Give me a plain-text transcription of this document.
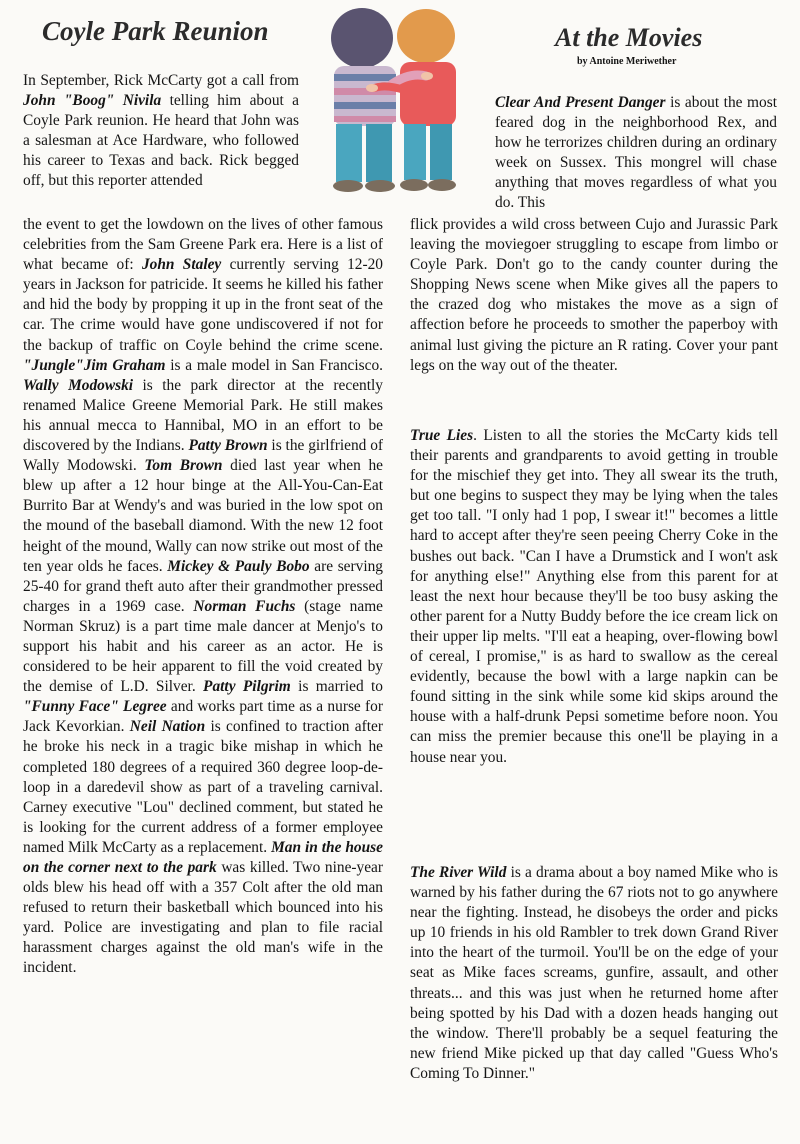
Coyle Park Reunion	At the Movies

by Antoine Meriwether

In September, Rick McCarty got a call from John "Boog" Nivila telling him about a Coyle Park reunion. He heard that John was a salesman at Ace Hardware, who followed his career to Texas and back. Rick begged off, but this reporter attended

the event to get the lowdown on the lives of other famous celebrities from the Sam Greene Park era. Here is a list of what became of: John Staley currently serving 12-20 years in Jackson for patricide. It seems he killed his father and hid the body by propping it up in the front seat of the car. The crime would have gone undiscovered if not for the backup of traffic on Coyle behind the crime scene. "Jungle"Jim Graham is a male model in San Francisco. Wally Modowski is the park director at the recently renamed Malice Greene Memorial Park. He still makes his annual mecca to Hannibal, MO in an effort to be discovered by the Indians. Patty Brown is the girlfriend of Wally Modowski. Tom Brown died last year when he blew up after a 12 hour binge at the All-You-Can-Eat Burrito Bar at Wendy's and was buried in the low spot on the mound of the baseball diamond. With the new 12 foot height of the mound, Wally can now strike out most of the ten year olds he faces. Mickey & Pauly Bobo are serving 25-40 for grand theft auto after their grandmother pressed charges in a 1969 case. Norman Fuchs (stage name Norman Skruz) is a part time male dancer at Menjo's to support his habit and his career as an actor. He is considered to be heir apparent to fill the void created by the demise of L.D. Silver. Patty Pilgrim is married to "Funny Face" Legree and works part time as a nurse for Jack Kevorkian. Neil Nation is confined to traction after he broke his neck in a tragic bike mishap in which he completed 180 degrees of a required 360 degree loop-de-loop in a daredevil show as part of a traveling carnival. Carney executive "Lou" declined comment, but stated he is looking for the current address of a former employee named Milk McCarty as a replacement. Man in the house on the corner next to the park was killed. Two nine-year olds blew his head off with a 357 Colt after the old man refused to return their basketball which bounced into his yard. Police are investigating and plan to file racial harassment charges against the old man's wife in the incident.

Clear And Present Danger is about the most feared dog in the neighborhood Rex, and how he terrorizes children during an ordinary week on Sussex. This mongrel will chase anything that moves regardless of what you do. This

flick provides a wild cross between Cujo and Jurassic Park leaving the moviegoer struggling to escape from limbo or Coyle Park. Don't go to the candy counter during the Shopping News scene when Mike gives all the papers to the crazed dog who mistakes the move as a sign of affection before he proceeds to smother the paperboy with animal lust giving the picture an R rating. Cover your pant legs on the way out of the theater.

True Lies. Listen to all the stories the McCarty kids tell their parents and grandparents to avoid getting in trouble for the mischief they get into. They all swear its the truth, but one begins to suspect they may be lying when the tales get too tall. "I only had 1 pop, I swear it!" becomes a little hard to accept after they're seen peeing Cherry Coke in the bushes out back. "Can I have a Drumstick and I won't ask for anything else!" Anything else from this parent for at least the next hour because they'll be too busy asking the other parent for a Nutty Buddy before the ice cream lick on their upper lip melts. "I'll eat a heaping, over-flowing bowl of cereal, I promise," is as hard to swallow as the cereal evidently, because the bowl with a large napkin can be found sitting in the sink while some kid skips around the house with a half-drunk Pepsi sometime before noon. You can miss the premier because this one'll be playing in a house near you.

The River Wild is a drama about a boy named Mike who is warned by his father during the 67 riots not to go anywhere near the fighting. Instead, he disobeys the order and picks up 10 friends in his old Rambler to trek down Grand River into the heart of the turmoil. You'll be on the edge of your seat as Mike faces screams, gunfire, assault, and other threats... and this was just when he returned home after being spotted by his Dad with a dozen heads hanging out the window. There'll probably be a sequel featuring the new friend Mike picked up that day called "Guess Who's Coming To Dinner."
